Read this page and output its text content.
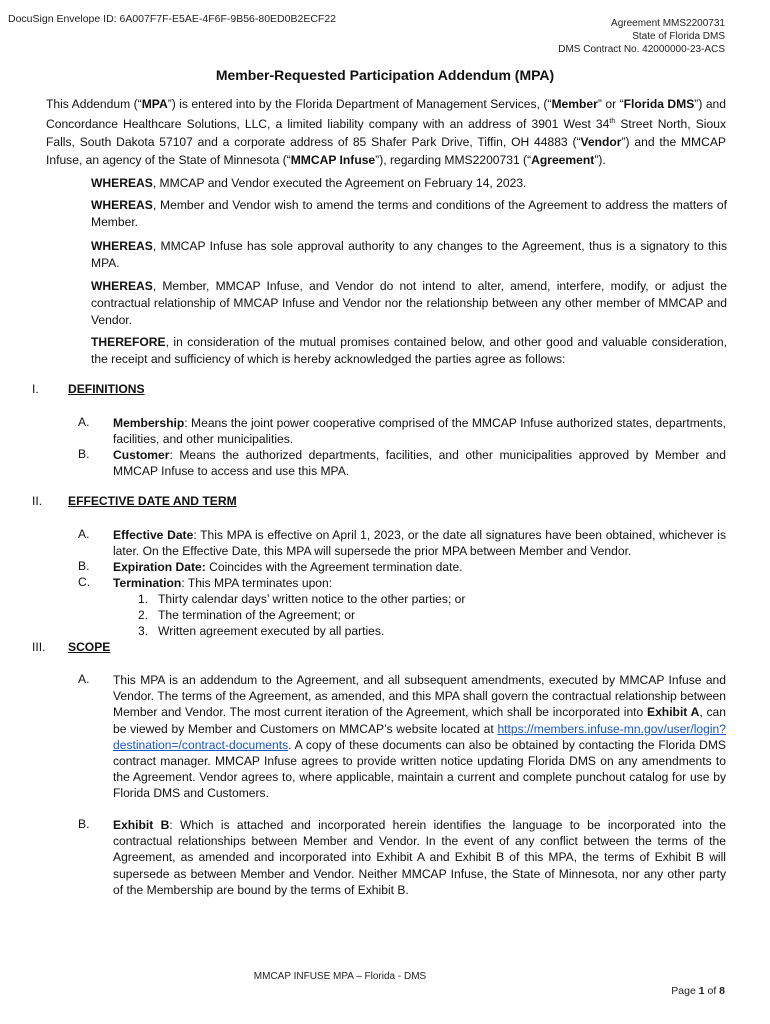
DocuSign Envelope ID: 6A007F7F-E5AE-4F6F-9B56-80ED0B2ECF22	Agreement MMS2200731
State of Florida DMS
DMS Contract No. 42000000-23-ACS
Member-Requested Participation Addendum (MPA)

This Addendum (“MPA”) is entered into by the Florida Department of Management Services, (“Member” or “Florida DMS”) and Concordance Healthcare Solutions, LLC, a limited liability company with an address of 3901 West 34th Street North, Sioux Falls, South Dakota 57107 and a corporate address of 85 Shafer Park Drive, Tiffin, OH 44883 (“Vendor”) and the MMCAP Infuse, an agency of the State of Minnesota (“MMCAP Infuse”), regarding MMS2200731 (“Agreement”).

WHEREAS, MMCAP and Vendor executed the Agreement on February 14, 2023.

WHEREAS, Member and Vendor wish to amend the terms and conditions of the Agreement to address the matters of Member.

WHEREAS, MMCAP Infuse has sole approval authority to any changes to the Agreement, thus is a signatory to this MPA.

WHEREAS, Member, MMCAP Infuse, and Vendor do not intend to alter, amend, interfere, modify, or adjust the contractual relationship of MMCAP Infuse and Vendor nor the relationship between any other member of MMCAP and Vendor.

THEREFORE, in consideration of the mutual promises contained below, and other good and valuable consideration, the receipt and sufficiency of which is hereby acknowledged the parties agree as follows:

I. DEFINITIONS
A. Membership: Means the joint power cooperative comprised of the MMCAP Infuse authorized states, departments, facilities, and other municipalities.

B. Customer: Means the authorized departments, facilities, and other municipalities approved by Member and MMCAP Infuse to access and use this MPA.

II. EFFECTIVE DATE AND TERM
A. Effective Date: This MPA is effective on April 1, 2023, or the date all signatures have been obtained, whichever is later. On the Effective Date, this MPA will supersede the prior MPA between Member and Vendor.

B. Expiration Date: Coincides with the Agreement termination date.

C. Termination: This MPA terminates upon:

1. Thirty calendar days’ written notice to the other parties; or
2. The termination of the Agreement; or
3. Written agreement executed by all parties.
III. SCOPE
A. This MPA is an addendum to the Agreement, and all subsequent amendments, executed by MMCAP Infuse and Vendor. The terms of the Agreement, as amended, and this MPA shall govern the contractual relationship between Member and Vendor. The most current iteration of the Agreement, which shall be incorporated into Exhibit A, can be viewed by Member and Customers on MMCAP’s website located at https://members.infuse-mn.gov/user/login?destination=/contract-documents. A copy of these documents can also be obtained by contacting the Florida DMS contract manager. MMCAP Infuse agrees to provide written notice updating Florida DMS on any amendments to the Agreement. Vendor agrees to, where applicable, maintain a current and complete punchout catalog for use by Florida DMS and Customers.

B. Exhibit B: Which is attached and incorporated herein identifies the language to be incorporated into the contractual relationships between Member and Vendor. In the event of any conflict between the terms of the Agreement, as amended and incorporated into Exhibit A and Exhibit B of this MPA, the terms of Exhibit B will supersede as between Member and Vendor. Neither MMCAP Infuse, the State of Minnesota, nor any other party of the Membership are bound by the terms of Exhibit B.

MMCAP INFUSE MPA – Florida - DMS
Page 1 of 8
